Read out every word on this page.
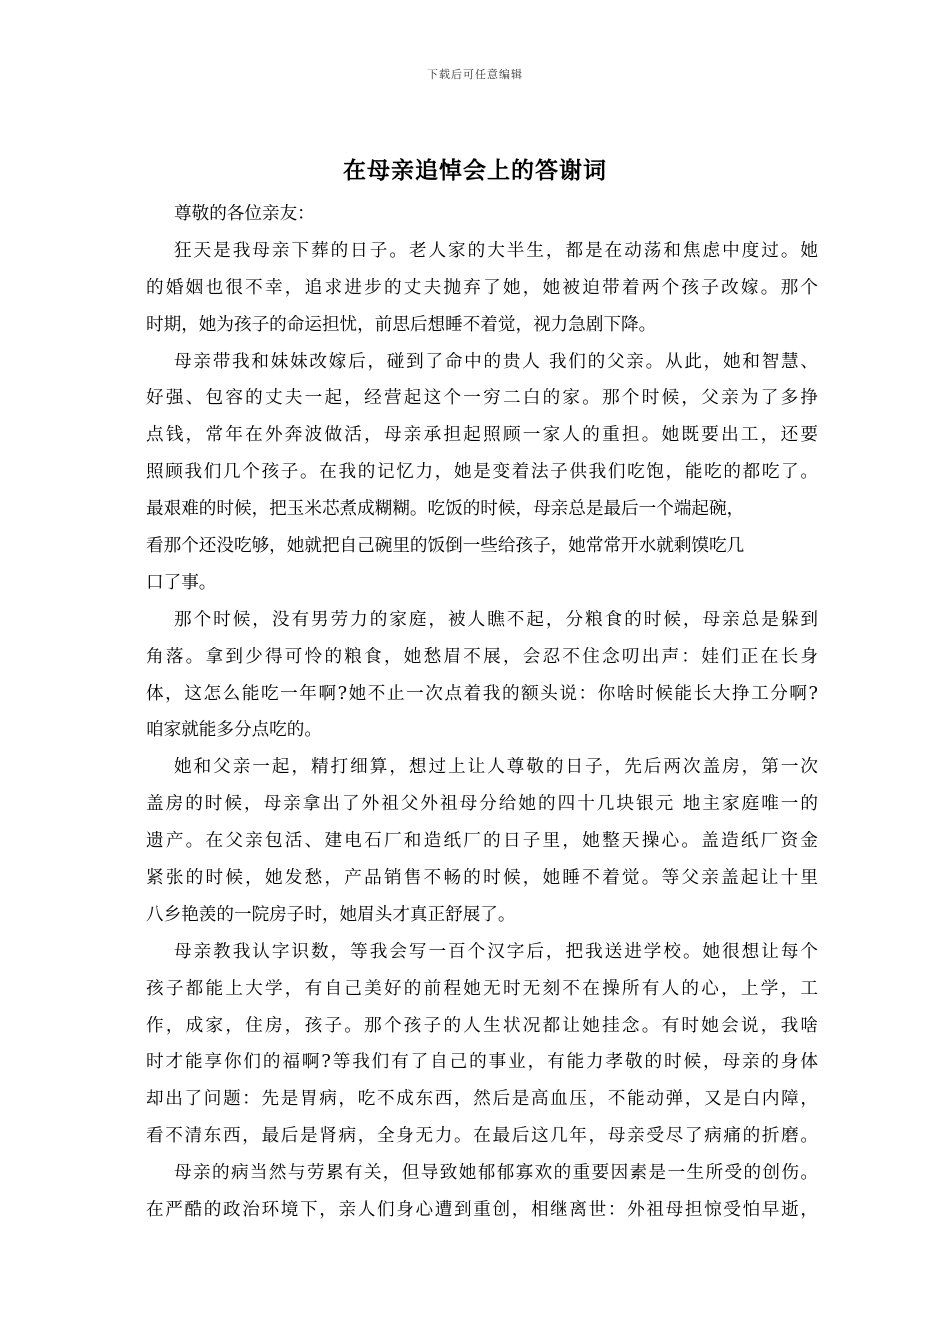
下载后可任意编辑
在母亲追悼会上的答谢词
尊敬的各位亲友：
狂天是我母亲下葬的日子。老人家的大半生，都是在动荡和焦虑中度过。她
的婚姻也很不幸，追求进步的丈夫抛弃了她，她被迫带着两个孩子改嫁。那个
时期，她为孩子的命运担忧，前思后想睡不着觉，视力急剧下降。
母亲带我和妹妹改嫁后，碰到了命中的贵人 我们的父亲。从此，她和智慧、
好强、包容的丈夫一起，经营起这个一穷二白的家。那个时候，父亲为了多挣
点钱，常年在外奔波做活，母亲承担起照顾一家人的重担。她既要出工，还要
照顾我们几个孩子。在我的记忆力，她是变着法子供我们吃饱，能吃的都吃了。
最艰难的时候，把玉米芯煮成糊糊。吃饭的时候，母亲总是最后一个端起碗，
看那个还没吃够，她就把自己碗里的饭倒一些给孩子，她常常开水就剩馍吃几
口了事。
那个时候，没有男劳力的家庭，被人瞧不起，分粮食的时候，母亲总是躲到
角落。拿到少得可怜的粮食，她愁眉不展，会忍不住念叨出声：娃们正在长身
体，这怎么能吃一年啊?她不止一次点着我的额头说：你啥时候能长大挣工分啊?
咱家就能多分点吃的。
她和父亲一起，精打细算，想过上让人尊敬的日子，先后两次盖房，第一次
盖房的时候，母亲拿出了外祖父外祖母分给她的四十几块银元 地主家庭唯一的
遗产。在父亲包活、建电石厂和造纸厂的日子里，她整天操心。盖造纸厂资金
紧张的时候，她发愁，产品销售不畅的时候，她睡不着觉。等父亲盖起让十里
八乡艳羡的一院房子时，她眉头才真正舒展了。
母亲教我认字识数，等我会写一百个汉字后，把我送进学校。她很想让每个
孩子都能上大学，有自己美好的前程她无时无刻不在操所有人的心，上学，工
作，成家，住房，孩子。那个孩子的人生状况都让她挂念。有时她会说，我啥
时才能享你们的福啊?等我们有了自己的事业，有能力孝敬的时候，母亲的身体
却出了问题：先是胃病，吃不成东西，然后是高血压，不能动弹，又是白内障，
看不清东西，最后是肾病，全身无力。在最后这几年，母亲受尽了病痛的折磨。
母亲的病当然与劳累有关，但导致她郁郁寡欢的重要因素是一生所受的创伤。
在严酷的政治环境下，亲人们身心遭到重创，相继离世：外祖母担惊受怕早逝，
